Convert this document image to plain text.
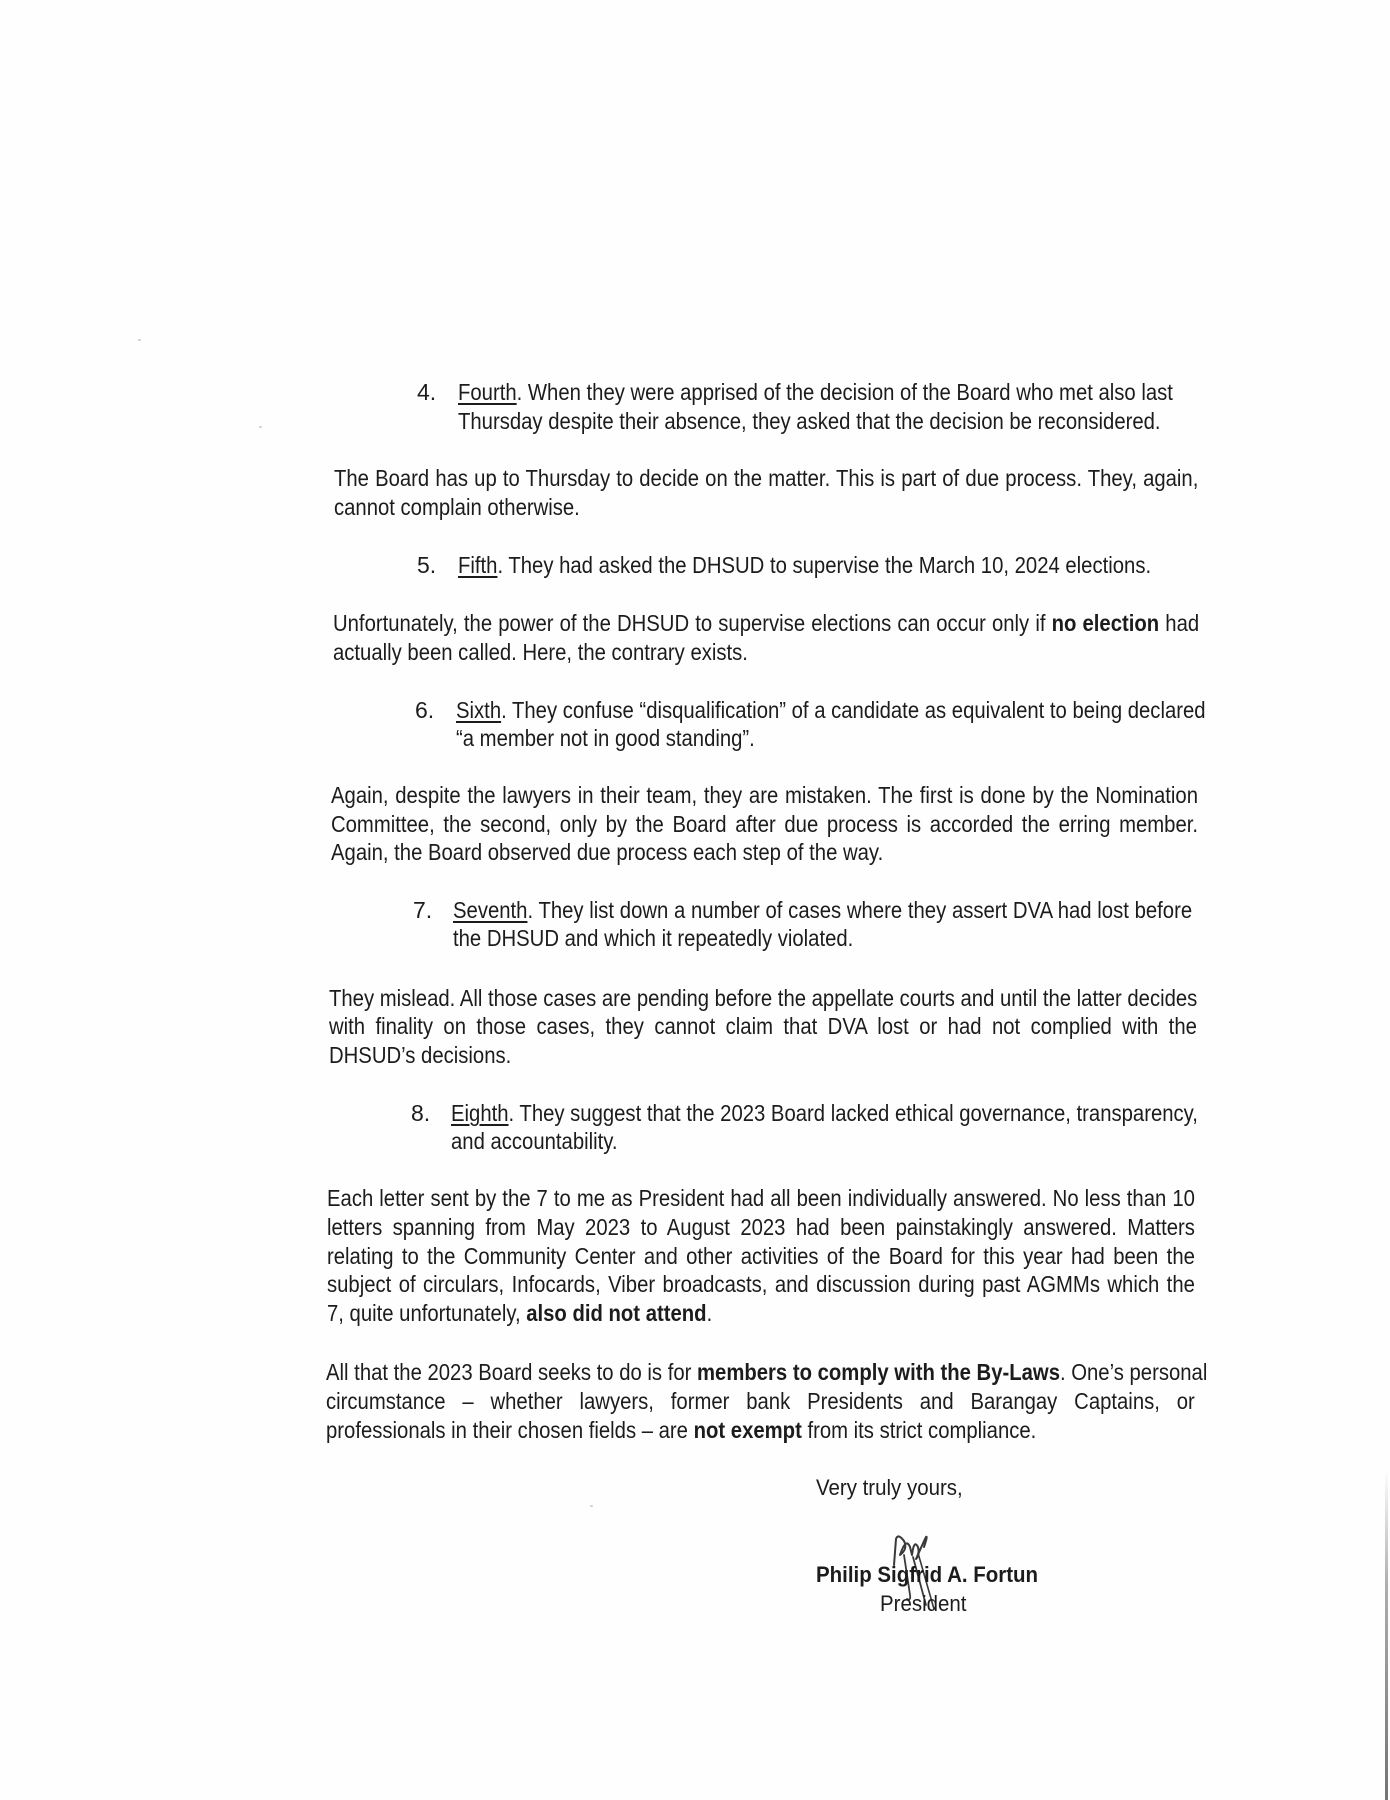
4. Fourth. When they were apprised of the decision of the Board who met also last
Thursday despite their absence, they asked that the decision be reconsidered.
The Board has up to Thursday to decide on the matter. This is part of due process. They, again,
cannot complain otherwise.
5. Fifth. They had asked the DHSUD to supervise the March 10, 2024 elections.
Unfortunately, the power of the DHSUD to supervise elections can occur only if no election had
actually been called. Here, the contrary exists.
6. Sixth. They confuse “disqualification” of a candidate as equivalent to being declared
“a member not in good standing”.
Again, despite the lawyers in their team, they are mistaken. The first is done by the Nomination
Committee, the second, only by the Board after due process is accorded the erring member.
Again, the Board observed due process each step of the way.
7. Seventh. They list down a number of cases where they assert DVA had lost before
the DHSUD and which it repeatedly violated.
They mislead. All those cases are pending before the appellate courts and until the latter decides
with finality on those cases, they cannot claim that DVA lost or had not complied with the
DHSUD’s decisions.
8. Eighth. They suggest that the 2023 Board lacked ethical governance, transparency,
and accountability.
Each letter sent by the 7 to me as President had all been individually answered. No less than 10
letters spanning from May 2023 to August 2023 had been painstakingly answered. Matters
relating to the Community Center and other activities of the Board for this year had been the
subject of circulars, Infocards, Viber broadcasts, and discussion during past AGMMs which the
7, quite unfortunately, also did not attend.
All that the 2023 Board seeks to do is for members to comply with the By-Laws. One’s personal
circumstance – whether lawyers, former bank Presidents and Barangay Captains, or
professionals in their chosen fields – are not exempt from its strict compliance.
Very truly yours,
Philip Sigfrid A. Fortun
President
